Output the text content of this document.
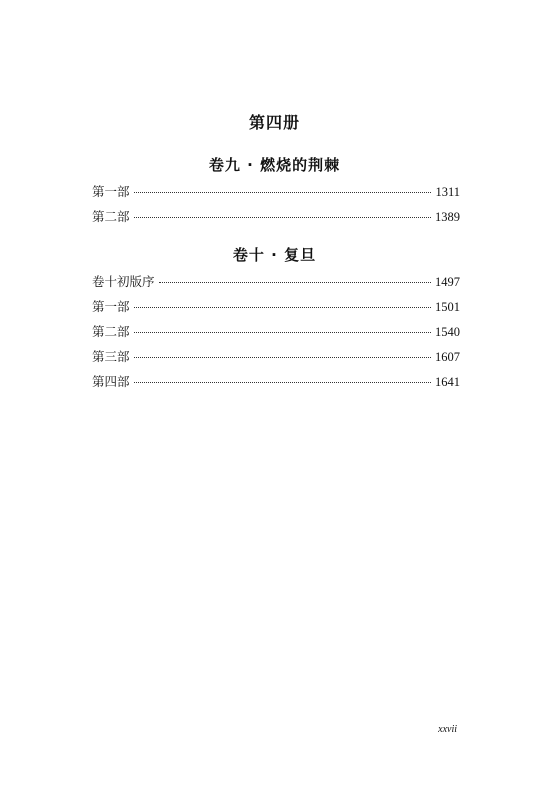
第四册
卷九 · 燃烧的荆棘
第一部	1311
第二部	1389
卷十 · 复旦
卷十初版序	1497
第一部	1501
第二部	1540
第三部	1607
第四部	1641
xxvii
